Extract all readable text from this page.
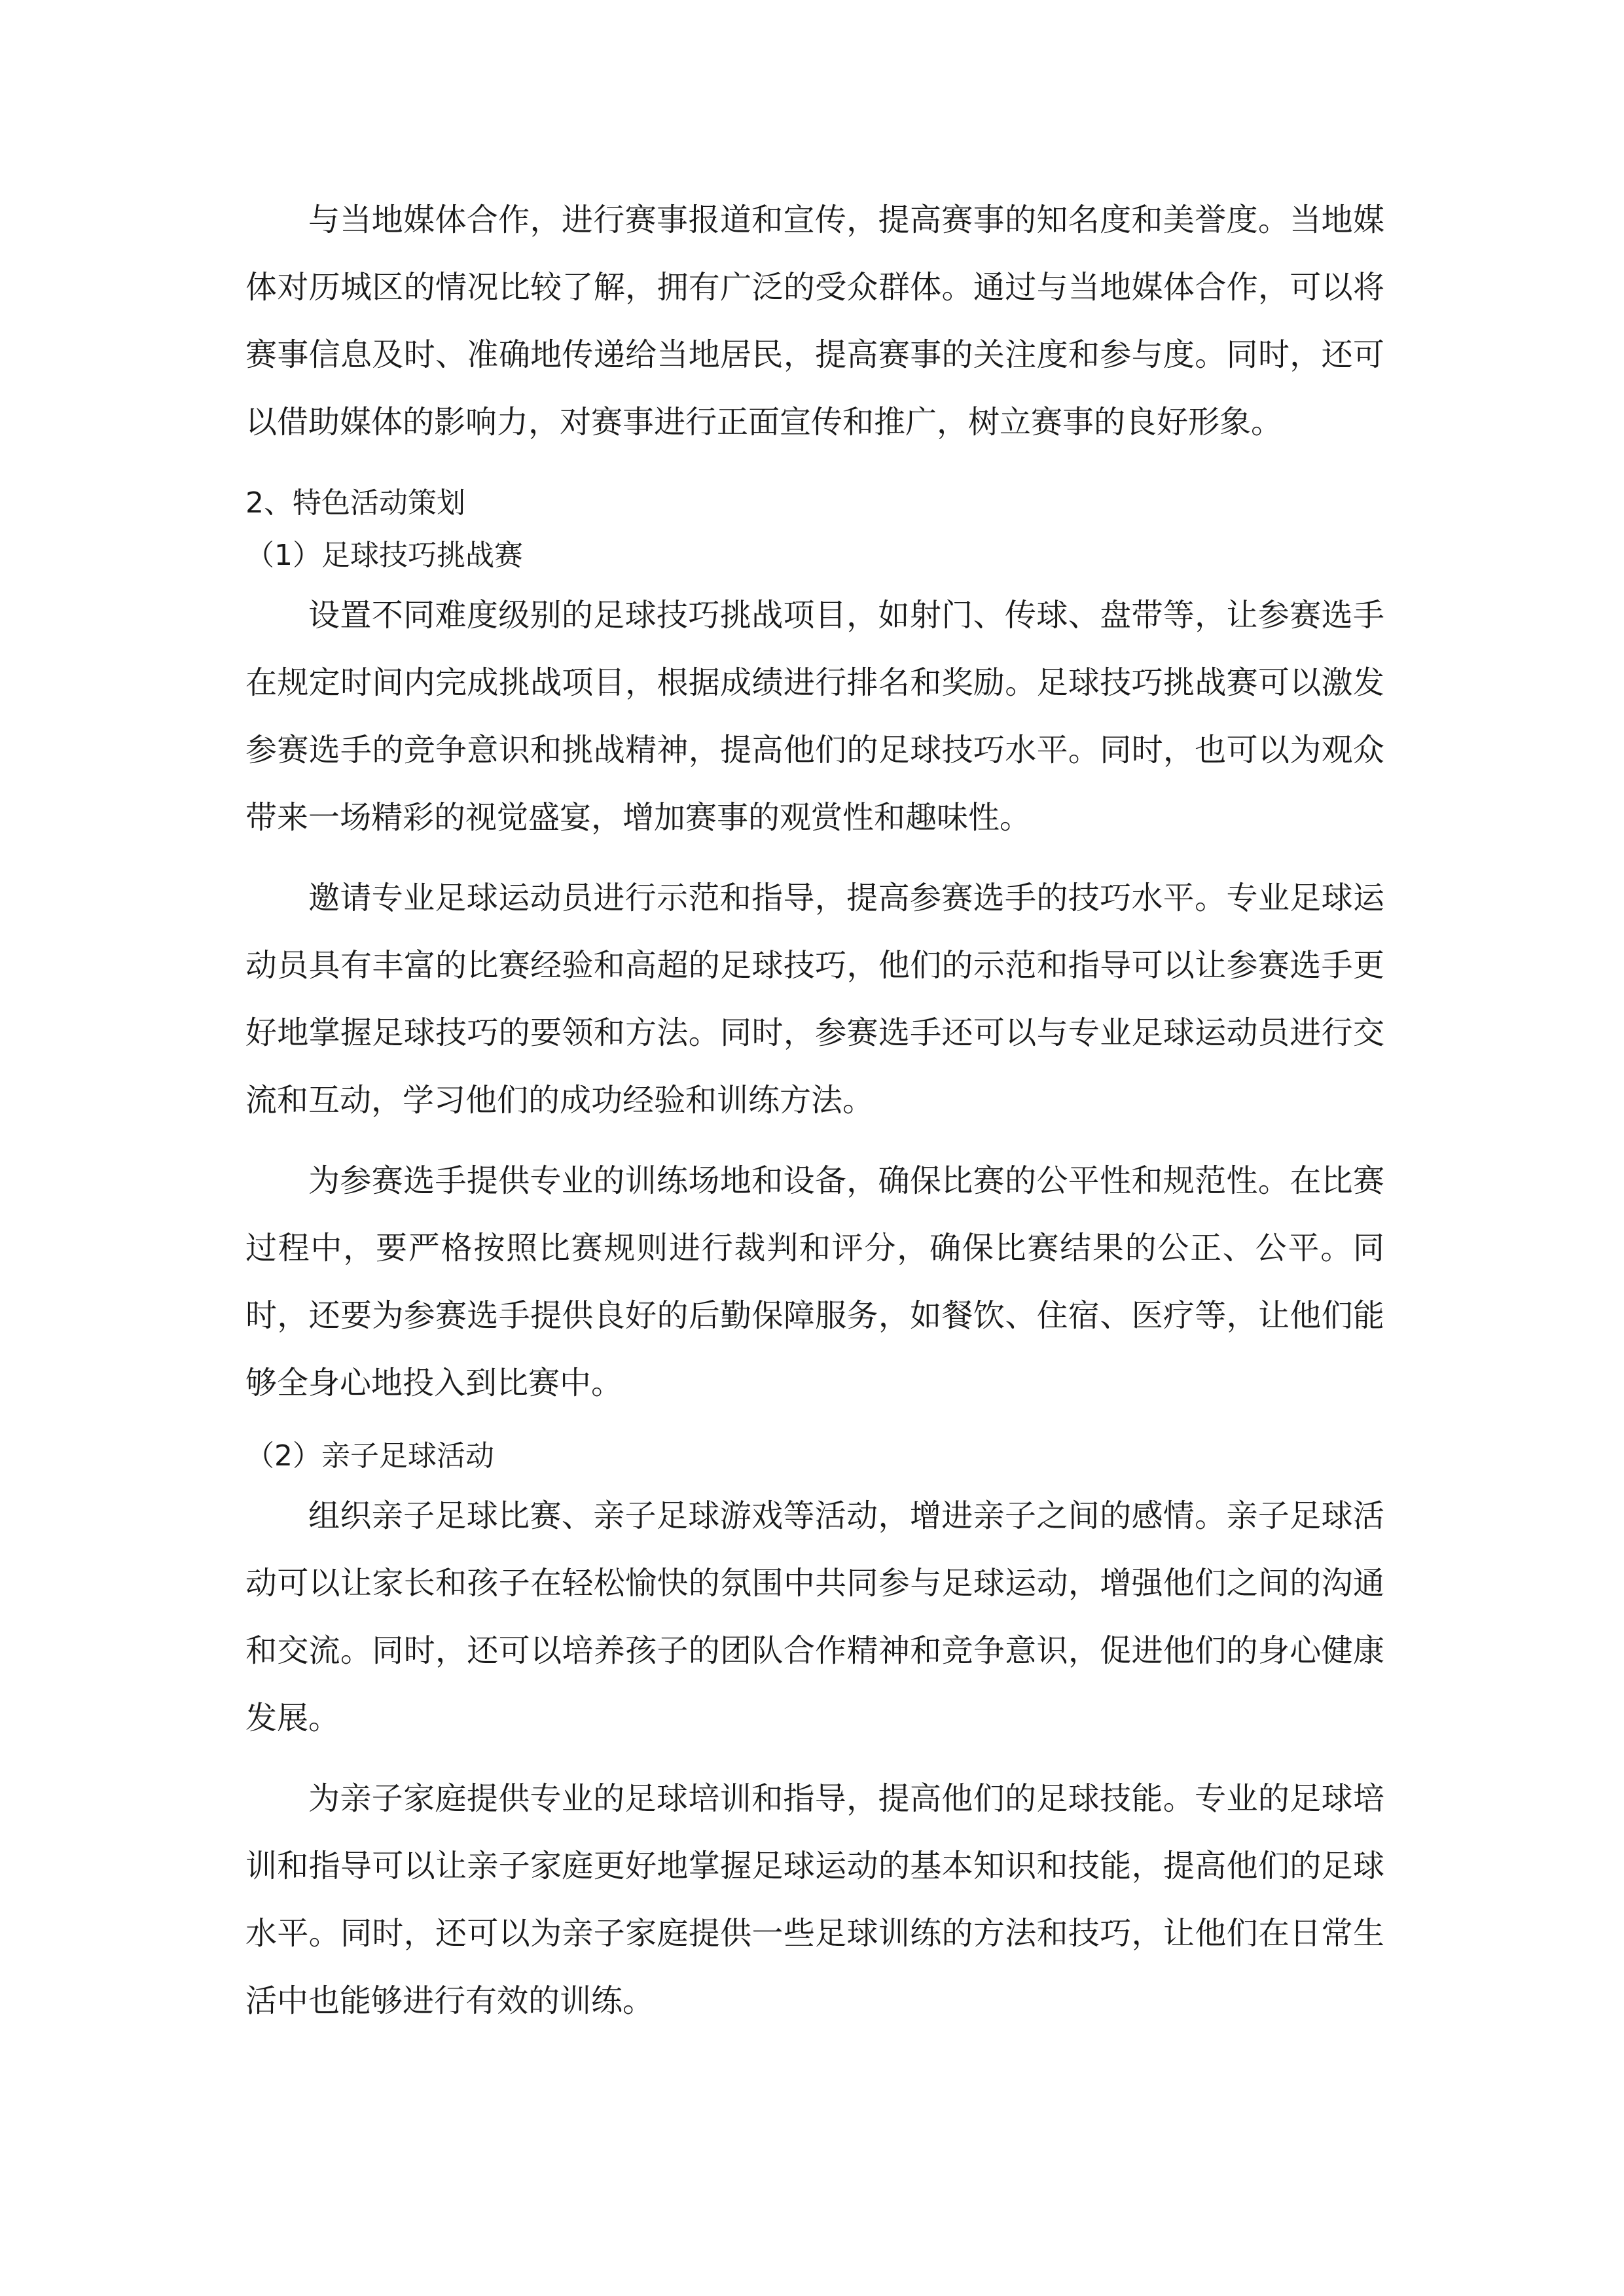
与当地媒体合作，进行赛事报道和宣传，提高赛事的知名度和美誉度。当地媒体对历城区的情况比较了解，拥有广泛的受众群体。通过与当地媒体合作，可以将赛事信息及时、准确地传递给当地居民，提高赛事的关注度和参与度。同时，还可以借助媒体的影响力，对赛事进行正面宣传和推广，树立赛事的良好形象。

2、特色活动策划
（1）足球技巧挑战赛

设置不同难度级别的足球技巧挑战项目，如射门、传球、盘带等，让参赛选手在规定时间内完成挑战项目，根据成绩进行排名和奖励。足球技巧挑战赛可以激发参赛选手的竞争意识和挑战精神，提高他们的足球技巧水平。同时，也可以为观众带来一场精彩的视觉盛宴，增加赛事的观赏性和趣味性。

邀请专业足球运动员进行示范和指导，提高参赛选手的技巧水平。专业足球运动员具有丰富的比赛经验和高超的足球技巧，他们的示范和指导可以让参赛选手更好地掌握足球技巧的要领和方法。同时，参赛选手还可以与专业足球运动员进行交流和互动，学习他们的成功经验和训练方法。

为参赛选手提供专业的训练场地和设备，确保比赛的公平性和规范性。在比赛过程中，要严格按照比赛规则进行裁判和评分，确保比赛结果的公正、公平。同时，还要为参赛选手提供良好的后勤保障服务，如餐饮、住宿、医疗等，让他们能够全身心地投入到比赛中。

（2）亲子足球活动

组织亲子足球比赛、亲子足球游戏等活动，增进亲子之间的感情。亲子足球活动可以让家长和孩子在轻松愉快的氛围中共同参与足球运动，增强他们之间的沟通和交流。同时，还可以培养孩子的团队合作精神和竞争意识，促进他们的身心健康发展。

为亲子家庭提供专业的足球培训和指导，提高他们的足球技能。专业的足球培训和指导可以让亲子家庭更好地掌握足球运动的基本知识和技能，提高他们的足球水平。同时，还可以为亲子家庭提供一些足球训练的方法和技巧，让他们在日常生活中也能够进行有效的训练。
